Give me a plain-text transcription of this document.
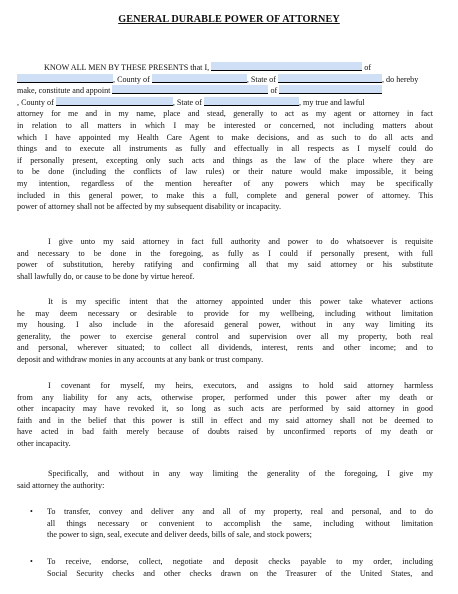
GENERAL DURABLE POWER OF ATTORNEY
KNOW ALL MEN BY THESE PRESENTS that I,	of
, County of	, State of	, do hereby
make, constitute and appoint	of
, County of	, State of	, my true and lawful
attorney for me and in my name, place and stead, generally to act as my agent or attorney in fact
in relation to all matters in which I may be interested or concerned, not including matters about
which I have appointed my Health Care Agent to make decisions, and as such to do all acts and
things and to execute all instruments as fully and effectually in all respects as I myself could do
if personally present, excepting only such acts and things as the law of the place where they are
to be done (including the conflicts of law rules) or their nature would make impossible, it being
my intention, regardless of the mention hereafter of any powers which may be specifically
included in this general power, to make this a full, complete and general power of attorney. This
power of attorney shall not be affected by my subsequent disability or incapacity.
I give unto my said attorney in fact full authority and power to do whatsoever is requisite
and necessary to be done in the foregoing, as fully as I could if personally present, with full
power of substitution, hereby ratifying and confirming all that my said attorney or his substitute
shall lawfully do, or cause to be done by virtue hereof.
It is my specific intent that the attorney appointed under this power take whatever actions
he may deem necessary or desirable to provide for my wellbeing, including without limitation
my housing. I also include in the aforesaid general power, without in any way limiting its
generality, the power to exercise general control and supervision over all my property, both real
and personal, wherever situated; to collect all dividends, interest, rents and other income; and to
deposit and withdraw monies in any accounts at any bank or trust company.
I covenant for myself, my heirs, executors, and assigns to hold said attorney harmless
from any liability for any acts, otherwise proper, performed under this power after my death or
other incapacity may have revoked it, so long as such acts are performed by said attorney in good
faith and in the belief that this power is still in effect and my said attorney shall not be deemed to
have acted in bad faith merely because of doubts raised by unconfirmed reports of my death or
other incapacity.
Specifically, and without in any way limiting the generality of the foregoing, I give my
said attorney the authority:
• To transfer, convey and deliver any and all of my property, real and personal, and to do
all things necessary or convenient to accomplish the same, including without limitation
the power to sign, seal, execute and deliver deeds, bills of sale, and stock powers;
• To receive, endorse, collect, negotiate and deposit checks payable to my order, including
Social Security checks and other checks drawn on the Treasurer of the United States, and
